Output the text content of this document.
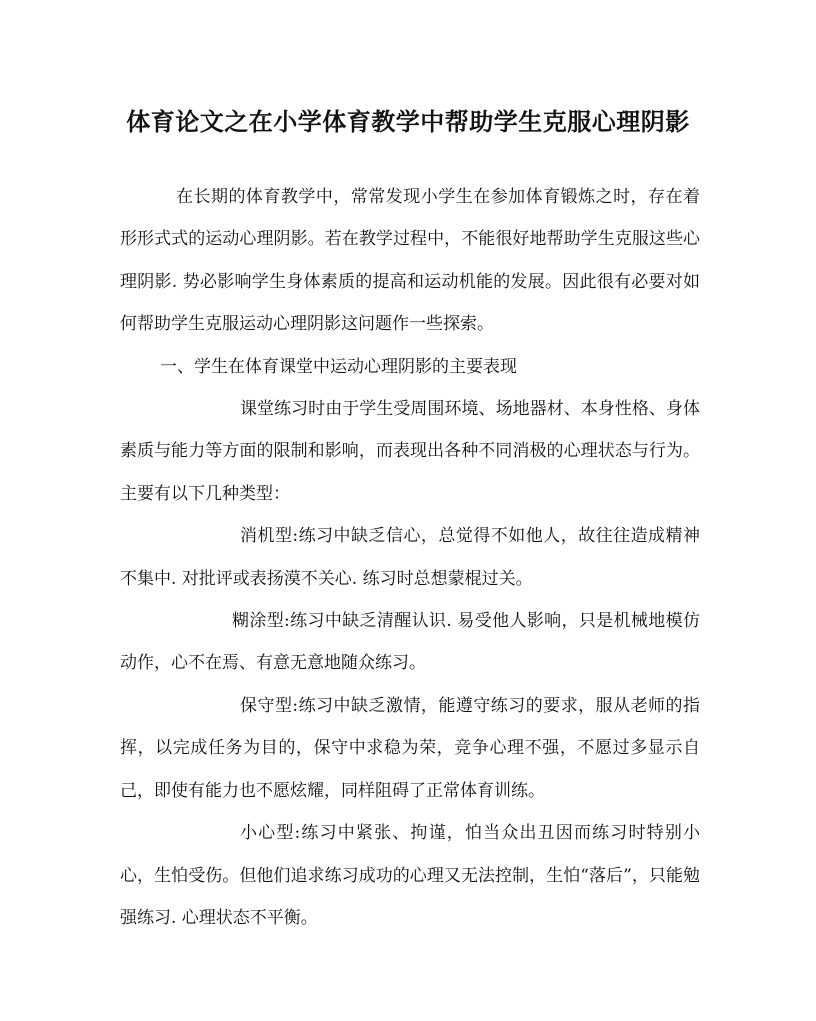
体育论文之在小学体育教学中帮助学生克服心理阴影

在长期的体育教学中，常常发现小学生在参加体育锻炼之时，存在着形形式式的运动心理阴影。若在教学过程中，不能很好地帮助学生克服这些心理阴影. 势必影响学生身体素质的提高和运动机能的发展。因此很有必要对如何帮助学生克服运动心理阴影这问题作一些探索。

一、学生在体育课堂中运动心理阴影的主要表现

课堂练习时由于学生受周围环境、场地器材、本身性格、身体素质与能力等方面的限制和影响，而表现出各种不同消极的心理状态与行为。主要有以下几种类型：

消机型:练习中缺乏信心，总觉得不如他人，故往往造成精神不集中. 对批评或表扬漠不关心. 练习时总想蒙棍过关。

糊涂型:练习中缺乏清醒认识. 易受他人影响，只是机械地模仿动作，心不在焉、有意无意地随众练习。

保守型:练习中缺乏激情，能遵守练习的要求，服从老师的指挥，以完成任务为目的，保守中求稳为荣，竞争心理不强，不愿过多显示自己，即使有能力也不愿炫耀，同样阻碍了正常体育训练。

小心型:练习中紧张、拘谨，怕当众出丑因而练习时特别小心，生怕受伤。但他们追求练习成功的心理又无法控制，生怕“落后”，只能勉强练习. 心理状态不平衡。
